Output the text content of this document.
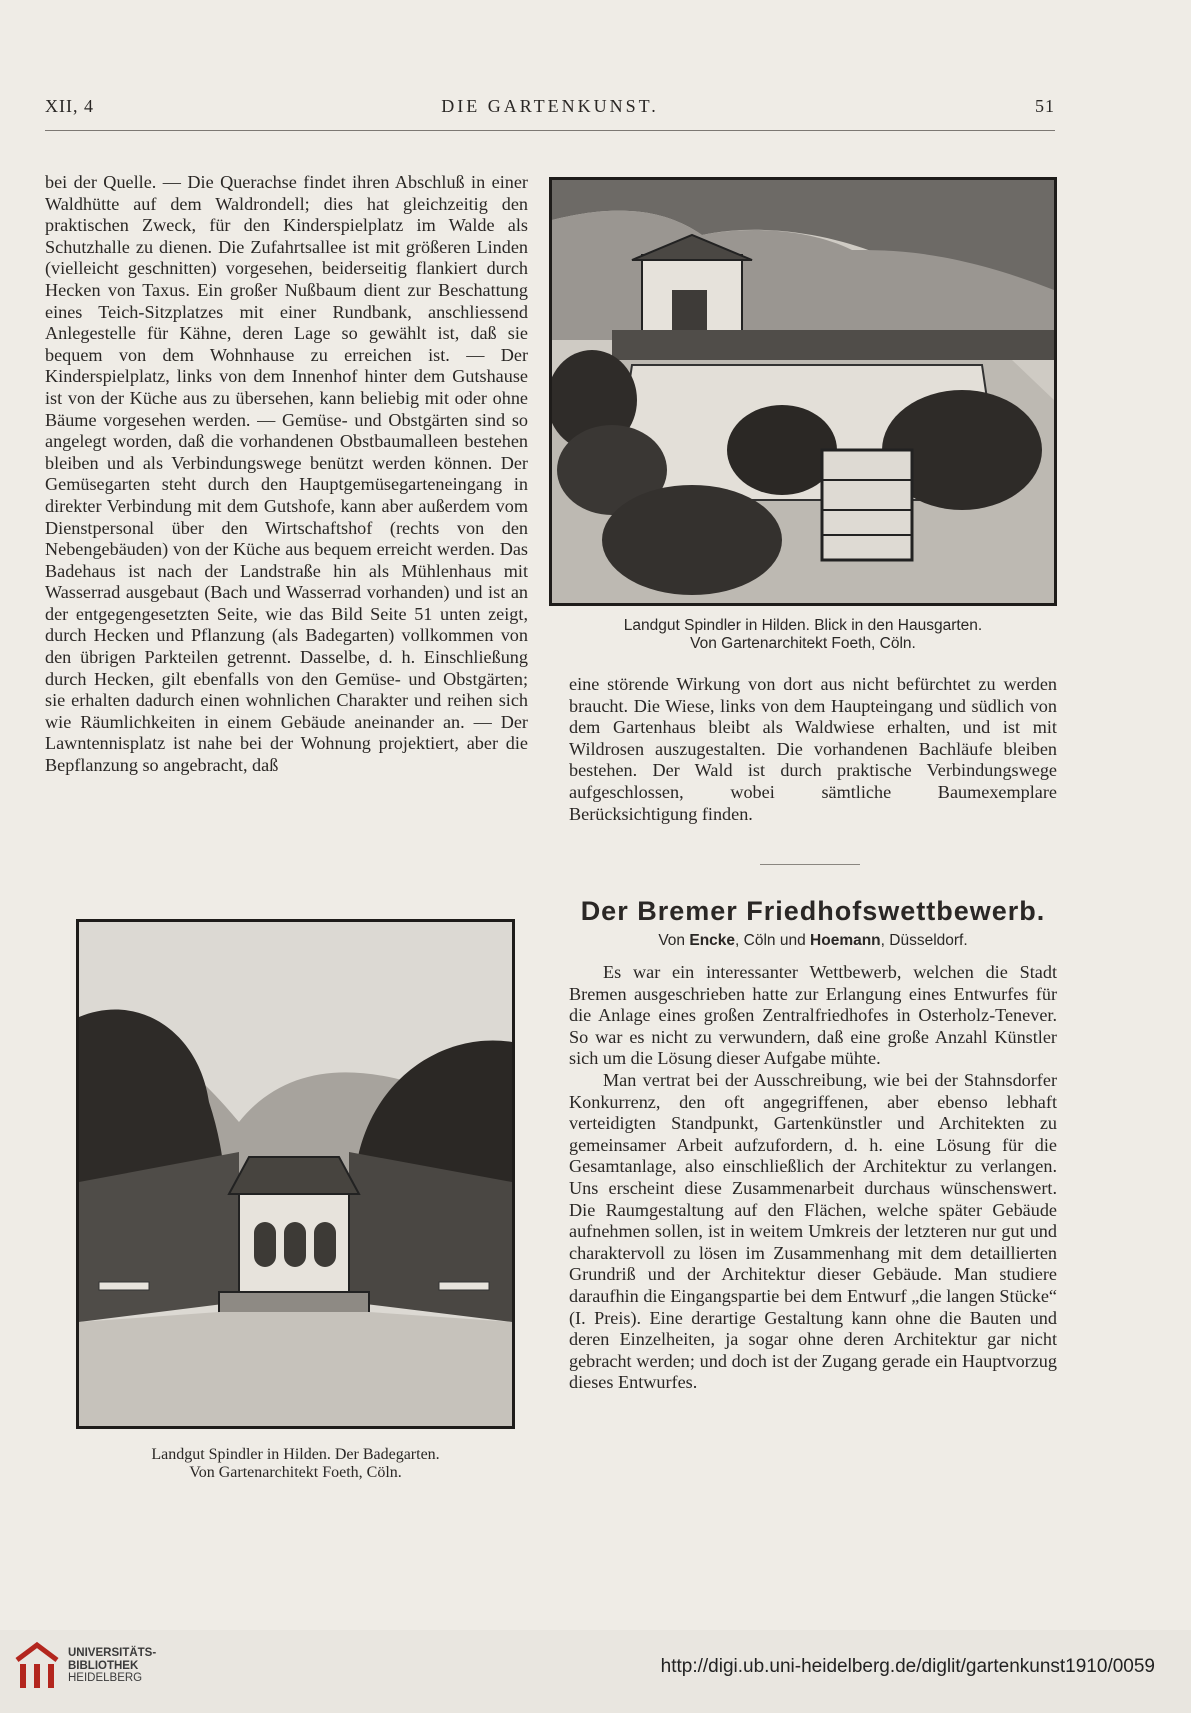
XII, 4	DIE GARTENKUNST.	51

bei der Quelle. — Die Querachse findet ihren Abschluß in einer Waldhütte auf dem Waldrondell; dies hat gleichzeitig den praktischen Zweck, für den Kinderspielplatz im Walde als Schutzhalle zu dienen. Die Zufahrtsallee ist mit größeren Linden (vielleicht geschnitten) vorgesehen, beiderseitig flankiert durch Hecken von Taxus. Ein großer Nußbaum dient zur Beschattung eines Teich-Sitzplatzes mit einer Rundbank, anschliessend Anlegestelle für Kähne, deren Lage so gewählt ist, daß sie bequem von dem Wohnhause zu erreichen ist. — Der Kinderspielplatz, links von dem Innenhof hinter dem Gutshause ist von der Küche aus zu übersehen, kann beliebig mit oder ohne Bäume vorgesehen werden. — Gemüse- und Obstgärten sind so angelegt worden, daß die vorhandenen Obstbaumalleen bestehen bleiben und als Verbindungswege benützt werden können. Der Gemüsegarten steht durch den Hauptgemüsegarteneingang in direkter Verbindung mit dem Gutshofe, kann aber außerdem vom Dienstpersonal über den Wirtschaftshof (rechts von den Nebengebäuden) von der Küche aus bequem erreicht werden. Das Badehaus ist nach der Landstraße hin als Mühlenhaus mit Wasserrad ausgebaut (Bach und Wasserrad vorhanden) und ist an der entgegengesetzten Seite, wie das Bild Seite 51 unten zeigt, durch Hecken und Pflanzung (als Badegarten) vollkommen von den übrigen Parkteilen getrennt. Dasselbe, d. h. Einschließung durch Hecken, gilt ebenfalls von den Gemüse- und Obstgärten; sie erhalten dadurch einen wohnlichen Charakter und reihen sich wie Räumlichkeiten in einem Gebäude aneinander an. — Der Lawntennisplatz ist nahe bei der Wohnung projektiert, aber die Bepflanzung so angebracht, daß

Landgut Spindler in Hilden. Blick in den Hausgarten.
Von Gartenarchitekt Foeth, Cöln.

eine störende Wirkung von dort aus nicht befürchtet zu werden braucht. Die Wiese, links von dem Haupteingang und südlich von dem Gartenhaus bleibt als Waldwiese erhalten, und ist mit Wildrosen auszugestalten. Die vorhandenen Bachläufe bleiben bestehen. Der Wald ist durch praktische Verbindungswege aufgeschlossen, wobei sämtliche Baumexemplare Berücksichtigung finden.

Der Bremer Friedhofswettbewerb.
Von Encke, Cöln und Hoemann, Düsseldorf.

Es war ein interessanter Wettbewerb, welchen die Stadt Bremen ausgeschrieben hatte zur Erlangung eines Entwurfes für die Anlage eines großen Zentralfriedhofes in Osterholz-Tenever. So war es nicht zu verwundern, daß eine große Anzahl Künstler sich um die Lösung dieser Aufgabe mühte.

Man vertrat bei der Ausschreibung, wie bei der Stahnsdorfer Konkurrenz, den oft angegriffenen, aber ebenso lebhaft verteidigten Standpunkt, Gartenkünstler und Architekten zu gemeinsamer Arbeit aufzufordern, d. h. eine Lösung für die Gesamtanlage, also einschließlich der Architektur zu verlangen. Uns erscheint diese Zusammenarbeit durchaus wünschenswert. Die Raumgestaltung auf den Flächen, welche später Gebäude aufnehmen sollen, ist in weitem Umkreis der letzteren nur gut und charaktervoll zu lösen im Zusammenhang mit dem detaillierten Grundriß und der Architektur dieser Gebäude. Man studiere daraufhin die Eingangspartie bei dem Entwurf „die langen Stücke“ (I. Preis). Eine derartige Gestaltung kann ohne die Bauten und deren Einzelheiten, ja sogar ohne deren Architektur gar nicht gebracht werden; und doch ist der Zugang gerade ein Hauptvorzug dieses Entwurfes.

Landgut Spindler in Hilden. Der Badegarten.
Von Gartenarchitekt Foeth, Cöln.
UNIVERSITÄTS-
BIBLIOTHEK
HEIDELBERG
http://digi.ub.uni-heidelberg.de/diglit/gartenkunst1910/0059
